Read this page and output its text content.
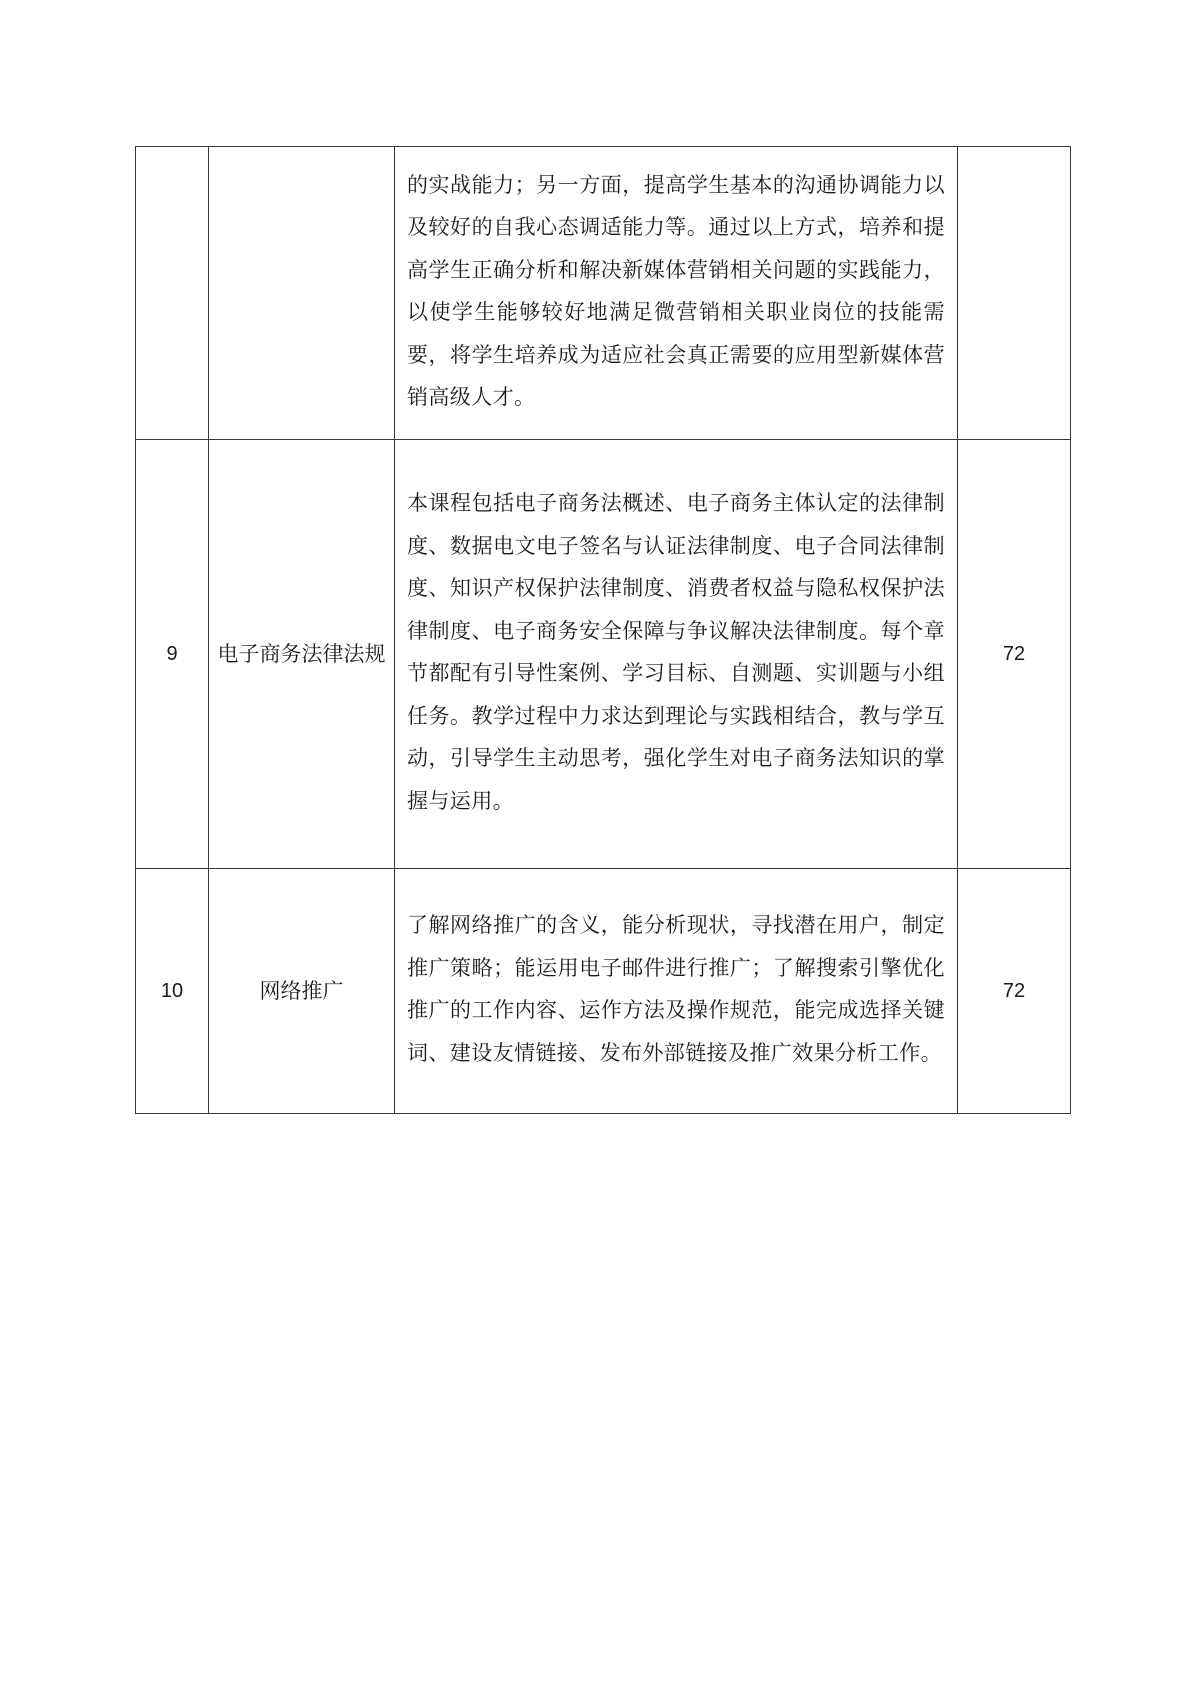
		的实战能力；另一方面，提高学生基本的沟通协调能力以及较好的自我心态调适能力等。通过以上方式，培养和提高学生正确分析和解决新媒体营销相关问题的实践能力，以使学生能够较好地满足微营销相关职业岗位的技能需要，将学生培养成为适应社会真正需要的应用型新媒体营销高级人才。	
9	电子商务法律法规	本课程包括电子商务法概述、电子商务主体认定的法律制度、数据电文电子签名与认证法律制度、电子合同法律制度、知识产权保护法律制度、消费者权益与隐私权保护法律制度、电子商务安全保障与争议解决法律制度。每个章节都配有引导性案例、学习目标、自测题、实训题与小组任务。教学过程中力求达到理论与实践相结合，教与学互动，引导学生主动思考，强化学生对电子商务法知识的掌握与运用。	72
10	网络推广	了解网络推广的含义，能分析现状，寻找潜在用户，制定推广策略；能运用电子邮件进行推广；了解搜索引擎优化推广的工作内容、运作方法及操作规范，能完成选择关键词、建设友情链接、发布外部链接及推广效果分析工作。	72
